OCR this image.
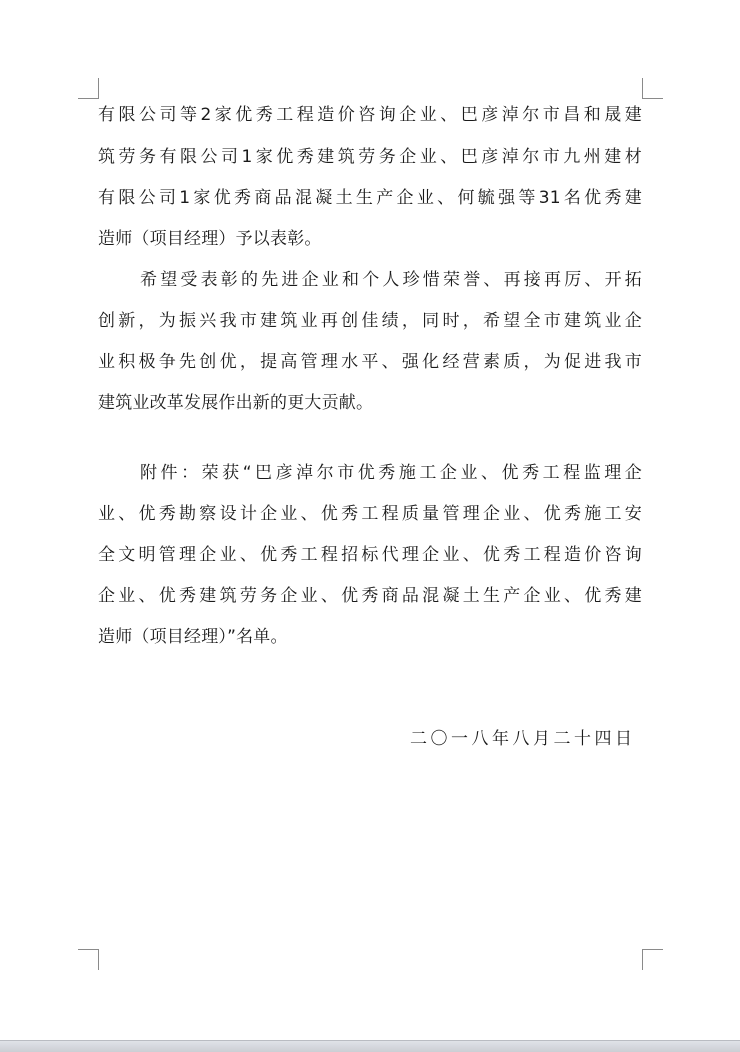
有限公司等2家优秀工程造价咨询企业、巴彦淖尔市昌和晟建
筑劳务有限公司1家优秀建筑劳务企业、巴彦淖尔市九州建材
有限公司1家优秀商品混凝土生产企业、何毓强等31名优秀建
造师（项目经理）予以表彰。
希望受表彰的先进企业和个人珍惜荣誉、再接再厉、开拓
创新，为振兴我市建筑业再创佳绩，同时，希望全市建筑业企
业积极争先创优，提高管理水平、强化经营素质，为促进我市
建筑业改革发展作出新的更大贡献。
附件：荣获“巴彦淖尔市优秀施工企业、优秀工程监理企
业、优秀勘察设计企业、优秀工程质量管理企业、优秀施工安
全文明管理企业、优秀工程招标代理企业、优秀工程造价咨询
企业、优秀建筑劳务企业、优秀商品混凝土生产企业、优秀建
造师（项目经理）”名单。
二〇一八年八月二十四日
